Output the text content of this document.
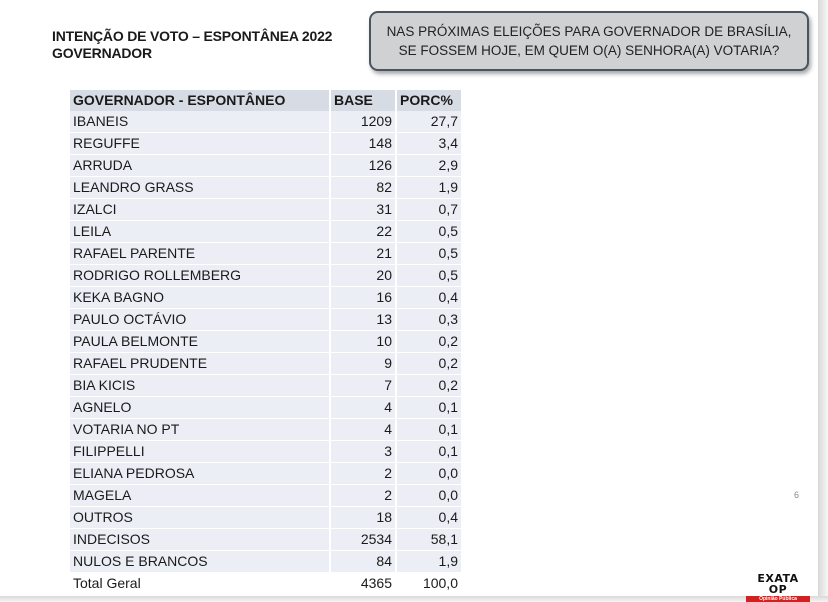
INTENÇÃO DE VOTO – ESPONTÂNEA 2022
GOVERNADOR
NAS PRÓXIMAS ELEIÇÕES PARA GOVERNADOR DE BRASÍLIA, SE FOSSEM HOJE, EM QUEM O(A) SENHORA(A) VOTARIA?
GOVERNADOR - ESPONTÂNEO	BASE	PORC%
IBANEIS	1209	27,7
REGUFFE	148	3,4
ARRUDA	126	2,9
LEANDRO GRASS	82	1,9
IZALCI	31	0,7
LEILA	22	0,5
RAFAEL PARENTE	21	0,5
RODRIGO ROLLEMBERG	20	0,5
KEKA BAGNO	16	0,4
PAULO OCTÁVIO	13	0,3
PAULA BELMONTE	10	0,2
RAFAEL PRUDENTE	9	0,2
BIA KICIS	7	0,2
AGNELO	4	0,1
VOTARIA NO PT	4	0,1
FILIPPELLI	3	0,1
ELIANA PEDROSA	2	0,0
MAGELA	2	0,0
OUTROS	18	0,4
INDECISOS	2534	58,1
NULOS E BRANCOS	84	1,9
Total Geral	4365	100,0
6
EXATA OP
Opinião Pública
